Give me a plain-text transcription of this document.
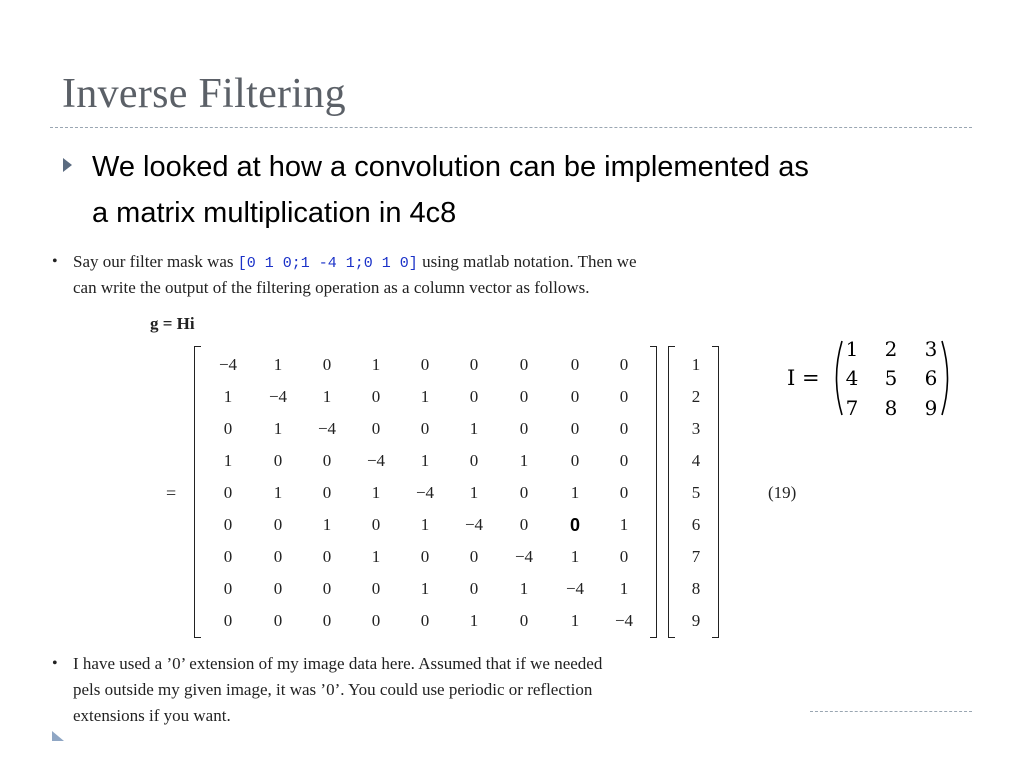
Inverse Filtering
We looked at how a convolution can be implemented as
a matrix multiplication in 4c8
• Say our filter mask was [0 1 0;1 -4 1;0 1 0] using matlab notation. Then we
can write the output of the filtering operation as a column vector as follows.
g = Hi
=	(19)
−4	1	0	1	0	0	0	0	0
1	−4	1	0	1	0	0	0	0
0	1	−4	0	0	1	0	0	0
1	0	0	−4	1	0	1	0	0
0	1	0	1	−4	1	0	1	0
0	0	1	0	1	−4	0	0	1
0	0	0	1	0	0	−4	1	0
0	0	0	0	1	0	1	−4	1
0	0	0	0	0	1	0	1	−4
1
2
3
4
5
6
7
8
9
• I have used a ’0’ extension of my image data here. Assumed that if we needed
pels outside my given image, it was ’0’. You could use periodic or reflection
extensions if you want.
I =
1 2 3
4 5 6
7 8 9
